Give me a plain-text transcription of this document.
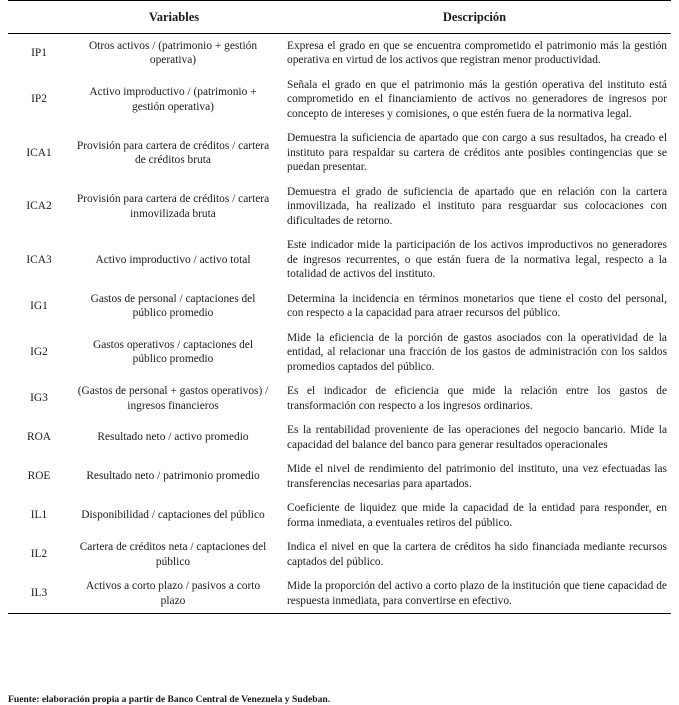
	Variables	Descripción
IP1	Otros activos / (patrimonio + gestión operativa)	Expresa el grado en que se encuentra comprometido el patrimonio más la gestión operativa en virtud de los activos que registran menor productividad.
IP2	Activo improductivo / (patrimonio + gestión operativa)	Señala el grado en que el patrimonio más la gestión operativa del instituto está comprometido en el financiamiento de activos no generadores de ingresos por concepto de intereses y comisiones, o que estén fuera de la normativa legal.
ICA1	Provisión para cartera de créditos / cartera de créditos bruta	Demuestra la suficiencia de apartado que con cargo a sus resultados, ha creado el instituto para respaldar su cartera de créditos ante posibles contingencias que se puedan presentar.
ICA2	Provisión para cartera de créditos / cartera inmovilizada bruta	Demuestra el grado de suficiencia de apartado que en relación con la cartera inmovilizada, ha realizado el instituto para resguardar sus colocaciones con dificultades de retorno.
ICA3	Activo improductivo / activo total	Este indicador mide la participación de los activos improductivos no generadores de ingresos recurrentes, o que están fuera de la normativa legal, respecto a la totalidad de activos del instituto.
IG1	Gastos de personal / captaciones del público promedio	Determina la incidencia en términos monetarios que tiene el costo del personal, con respecto a la capacidad para atraer recursos del público.
IG2	Gastos operativos / captaciones del público promedio	Mide la eficiencia de la porción de gastos asociados con la operatividad de la entidad, al relacionar una fracción de los gastos de administración con los saldos promedios captados del público.
IG3	(Gastos de personal + gastos operativos) / ingresos financieros	Es el indicador de eficiencia que mide la relación entre los gastos de transformación con respecto a los ingresos ordinarios.
ROA	Resultado neto / activo promedio	Es la rentabilidad proveniente de las operaciones del negocio bancario. Mide la capacidad del balance del banco para generar resultados operacionales
ROE	Resultado neto / patrimonio promedio	Mide el nivel de rendimiento del patrimonio del instituto, una vez efectuadas las transferencias necesarias para apartados.
IL1	Disponibilidad / captaciones del público	Coeficiente de liquidez que mide la capacidad de la entidad para responder, en forma inmediata, a eventuales retiros del público.
IL2	Cartera de créditos neta / captaciones del público	Indica el nivel en que la cartera de créditos ha sido financiada mediante recursos captados del público.
IL3	Activos a corto plazo / pasivos a corto plazo	Mide la proporción del activo a corto plazo de la institución que tiene capacidad de respuesta inmediata, para convertirse en efectivo.
Fuente: elaboración propia a partir de Banco Central de Venezuela y Sudeban.
